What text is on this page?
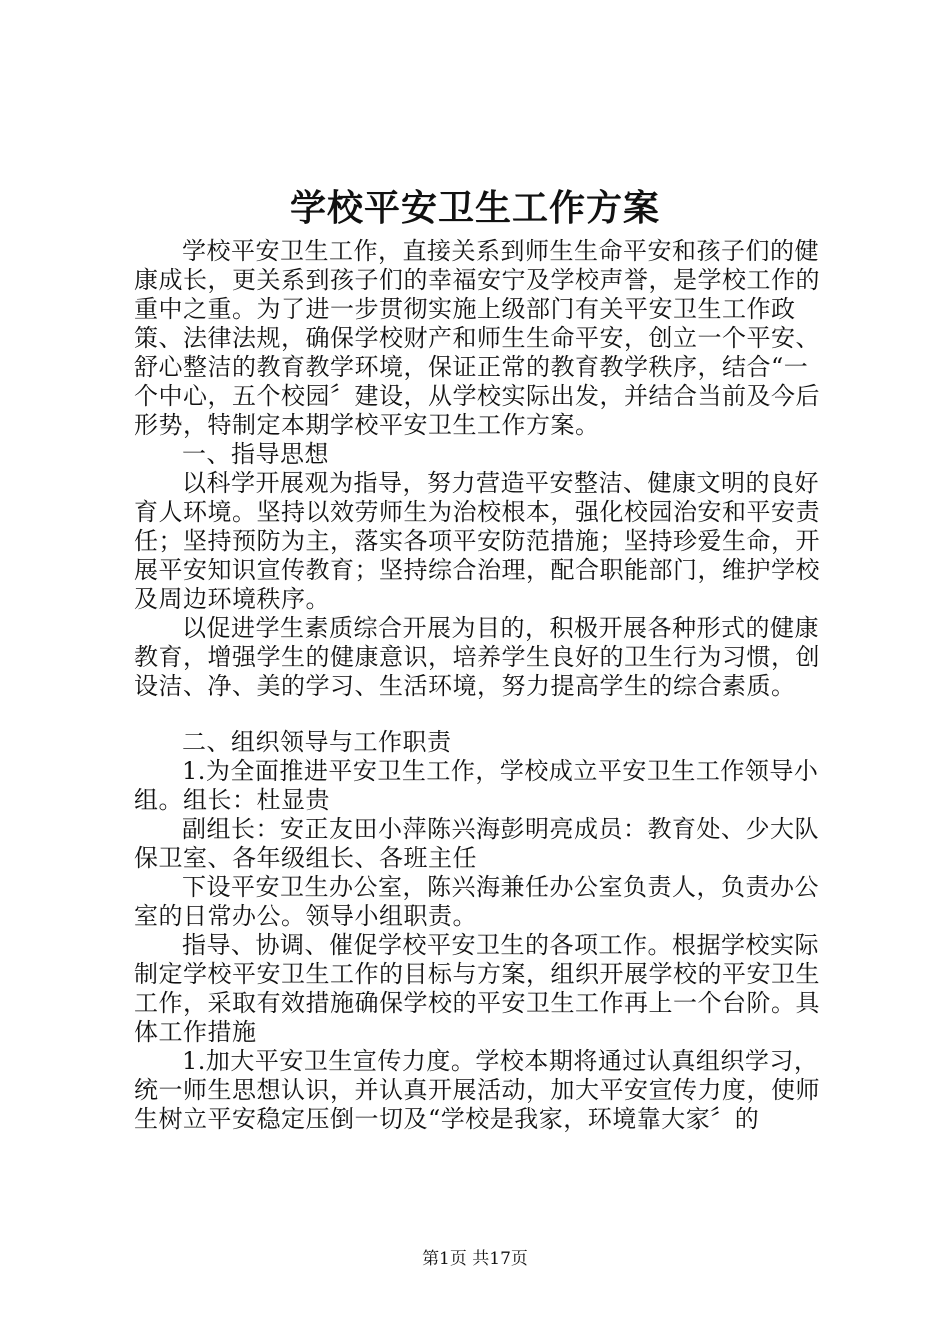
学校平安卫生工作方案

学校平安卫生工作，直接关系到师生生命平安和孩子们的健康成长，更关系到孩子们的幸福安宁及学校声誉，是学校工作的重中之重。为了进一步贯彻实施上级部门有关平安卫生工作政策、法律法规，确保学校财产和师生生命平安，创立一个平安、舒心整洁的教育教学环境，保证正常的教育教学秩序，结合“一个中心，五个校园〞建设，从学校实际出发，并结合当前及今后形势，特制定本期学校平安卫生工作方案。

一、指导思想

以科学开展观为指导，努力营造平安整洁、健康文明的良好育人环境。坚持以效劳师生为治校根本，强化校园治安和平安责任；坚持预防为主，落实各项平安防范措施；坚持珍爱生命，开展平安知识宣传教育；坚持综合治理，配合职能部门，维护学校及周边环境秩序。

以促进学生素质综合开展为目的，积极开展各种形式的健康教育，增强学生的健康意识，培养学生良好的卫生行为习惯，创设洁、净、美的学习、生活环境，努力提高学生的综合素质。

二、组织领导与工作职责

1.为全面推进平安卫生工作，学校成立平安卫生工作领导小组。组长：杜显贵

副组长：安正友田小萍陈兴海彭明亮成员：教育处、少大队保卫室、各年级组长、各班主任

下设平安卫生办公室，陈兴海兼任办公室负责人，负责办公室的日常办公。领导小组职责。

指导、协调、催促学校平安卫生的各项工作。根据学校实际制定学校平安卫生工作的目标与方案，组织开展学校的平安卫生工作，采取有效措施确保学校的平安卫生工作再上一个台阶。具体工作措施

1.加大平安卫生宣传力度。学校本期将通过认真组织学习，统一师生思想认识，并认真开展活动，加大平安宣传力度，使师生树立平安稳定压倒一切及“学校是我家，环境靠大家〞的

第1页 共17页
